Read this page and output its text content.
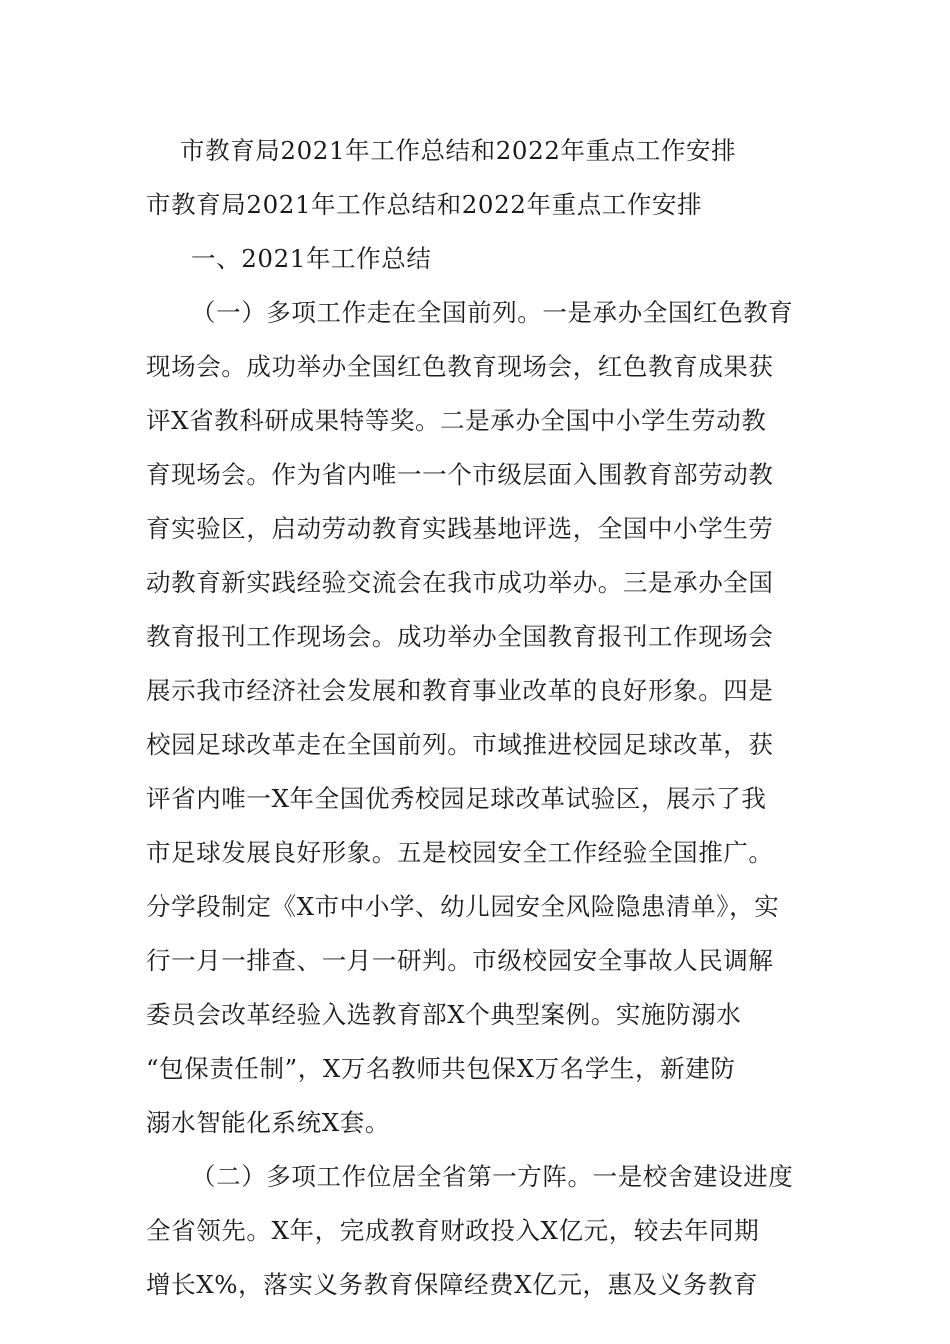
市教育局2021年工作总结和2022年重点工作安排
市教育局2021年工作总结和2022年重点工作安排
一、2021年工作总结
（一）多项工作走在全国前列。一是承办全国红色教育
现场会。成功举办全国红色教育现场会，红色教育成果获
评X省教科研成果特等奖。二是承办全国中小学生劳动教
育现场会。作为省内唯一一个市级层面入围教育部劳动教
育实验区，启动劳动教育实践基地评选，全国中小学生劳
动教育新实践经验交流会在我市成功举办。三是承办全国
教育报刊工作现场会。成功举办全国教育报刊工作现场会
展示我市经济社会发展和教育事业改革的良好形象。四是
校园足球改革走在全国前列。市域推进校园足球改革，获
评省内唯一X年全国优秀校园足球改革试验区，展示了我
市足球发展良好形象。五是校园安全工作经验全国推广。
分学段制定《X市中小学、幼儿园安全风险隐患清单》，实
行一月一排查、一月一研判。市级校园安全事故人民调解
委员会改革经验入选教育部X个典型案例。实施防溺水
“包保责任制”，X万名教师共包保X万名学生，新建防
溺水智能化系统X套。
（二）多项工作位居全省第一方阵。一是校舍建设进度
全省领先。X年，完成教育财政投入X亿元，较去年同期
增长X%，落实义务教育保障经费X亿元，惠及义务教育
